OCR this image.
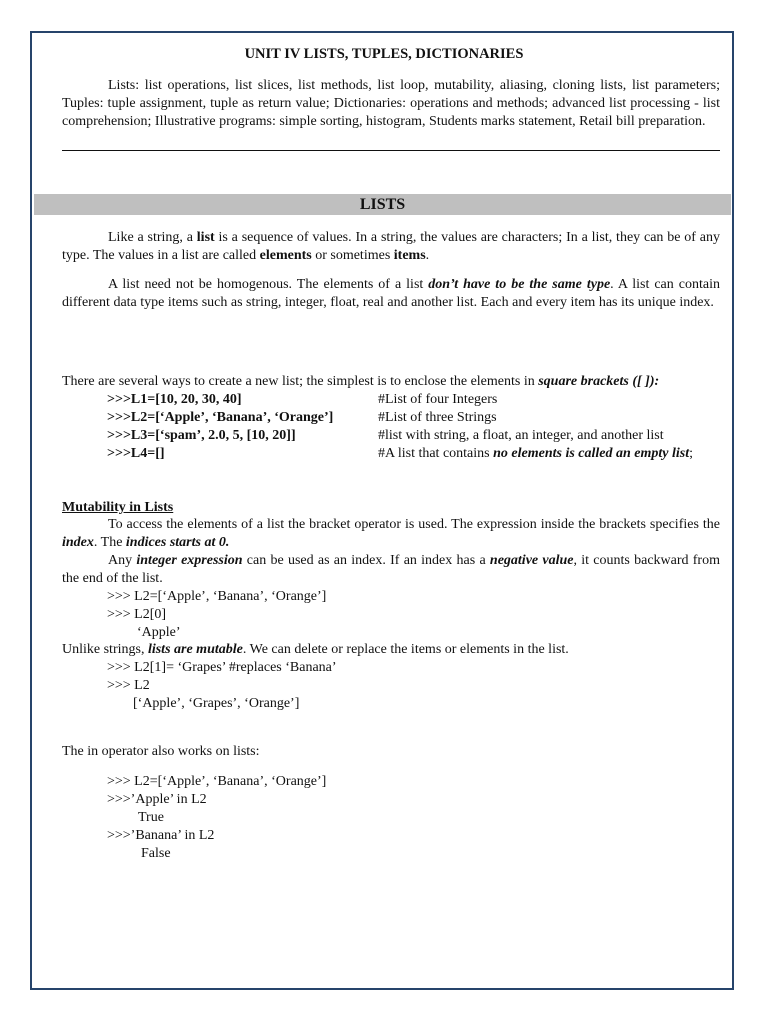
UNIT IV LISTS, TUPLES, DICTIONARIES

Lists: list operations, list slices, list methods, list loop, mutability, aliasing, cloning lists, list parameters; Tuples: tuple assignment, tuple as return value; Dictionaries: operations and methods; advanced list processing - list comprehension; Illustrative programs: simple sorting, histogram, Students marks statement, Retail bill preparation.

LISTS

Like a string, a list is a sequence of values. In a string, the values are characters; In a list, they can be of any type. The values in a list are called elements or sometimes items.

A list need not be homogenous. The elements of a list don’t have to be the same type. A list can contain different data type items such as string, integer, float, real and another list. Each and every item has its unique index.

There are several ways to create a new list; the simplest is to enclose the elements in square brackets ([ ]):

>>>L1=[10, 20, 30, 40]	#List of four Integers
>>>L2=[‘Apple’, ‘Banana’, ‘Orange’]	#List of three Strings
>>>L3=[‘spam’, 2.0, 5, [10, 20]]	#list with string, a float, an integer, and another list
>>>L4=[]	#A list that contains no elements is called an empty list;
Mutability in Lists

To access the elements of a list the bracket operator is used. The expression inside the brackets specifies the index. The indices starts at 0.

Any integer expression can be used as an index. If an index has a negative value, it counts backward from the end of the list.

>>> L2=[‘Apple’, ‘Banana’, ‘Orange’]
>>> L2[0]
‘Apple’

Unlike strings, lists are mutable. We can delete or replace the items or elements in the list.

>>> L2[1]= ‘Grapes’ #replaces ‘Banana’
>>> L2
[‘Apple’, ‘Grapes’, ‘Orange’]

The in operator also works on lists:

>>> L2=[‘Apple’, ‘Banana’, ‘Orange’]
>>>’Apple’ in L2
True
>>>’Banana’ in L2
False
